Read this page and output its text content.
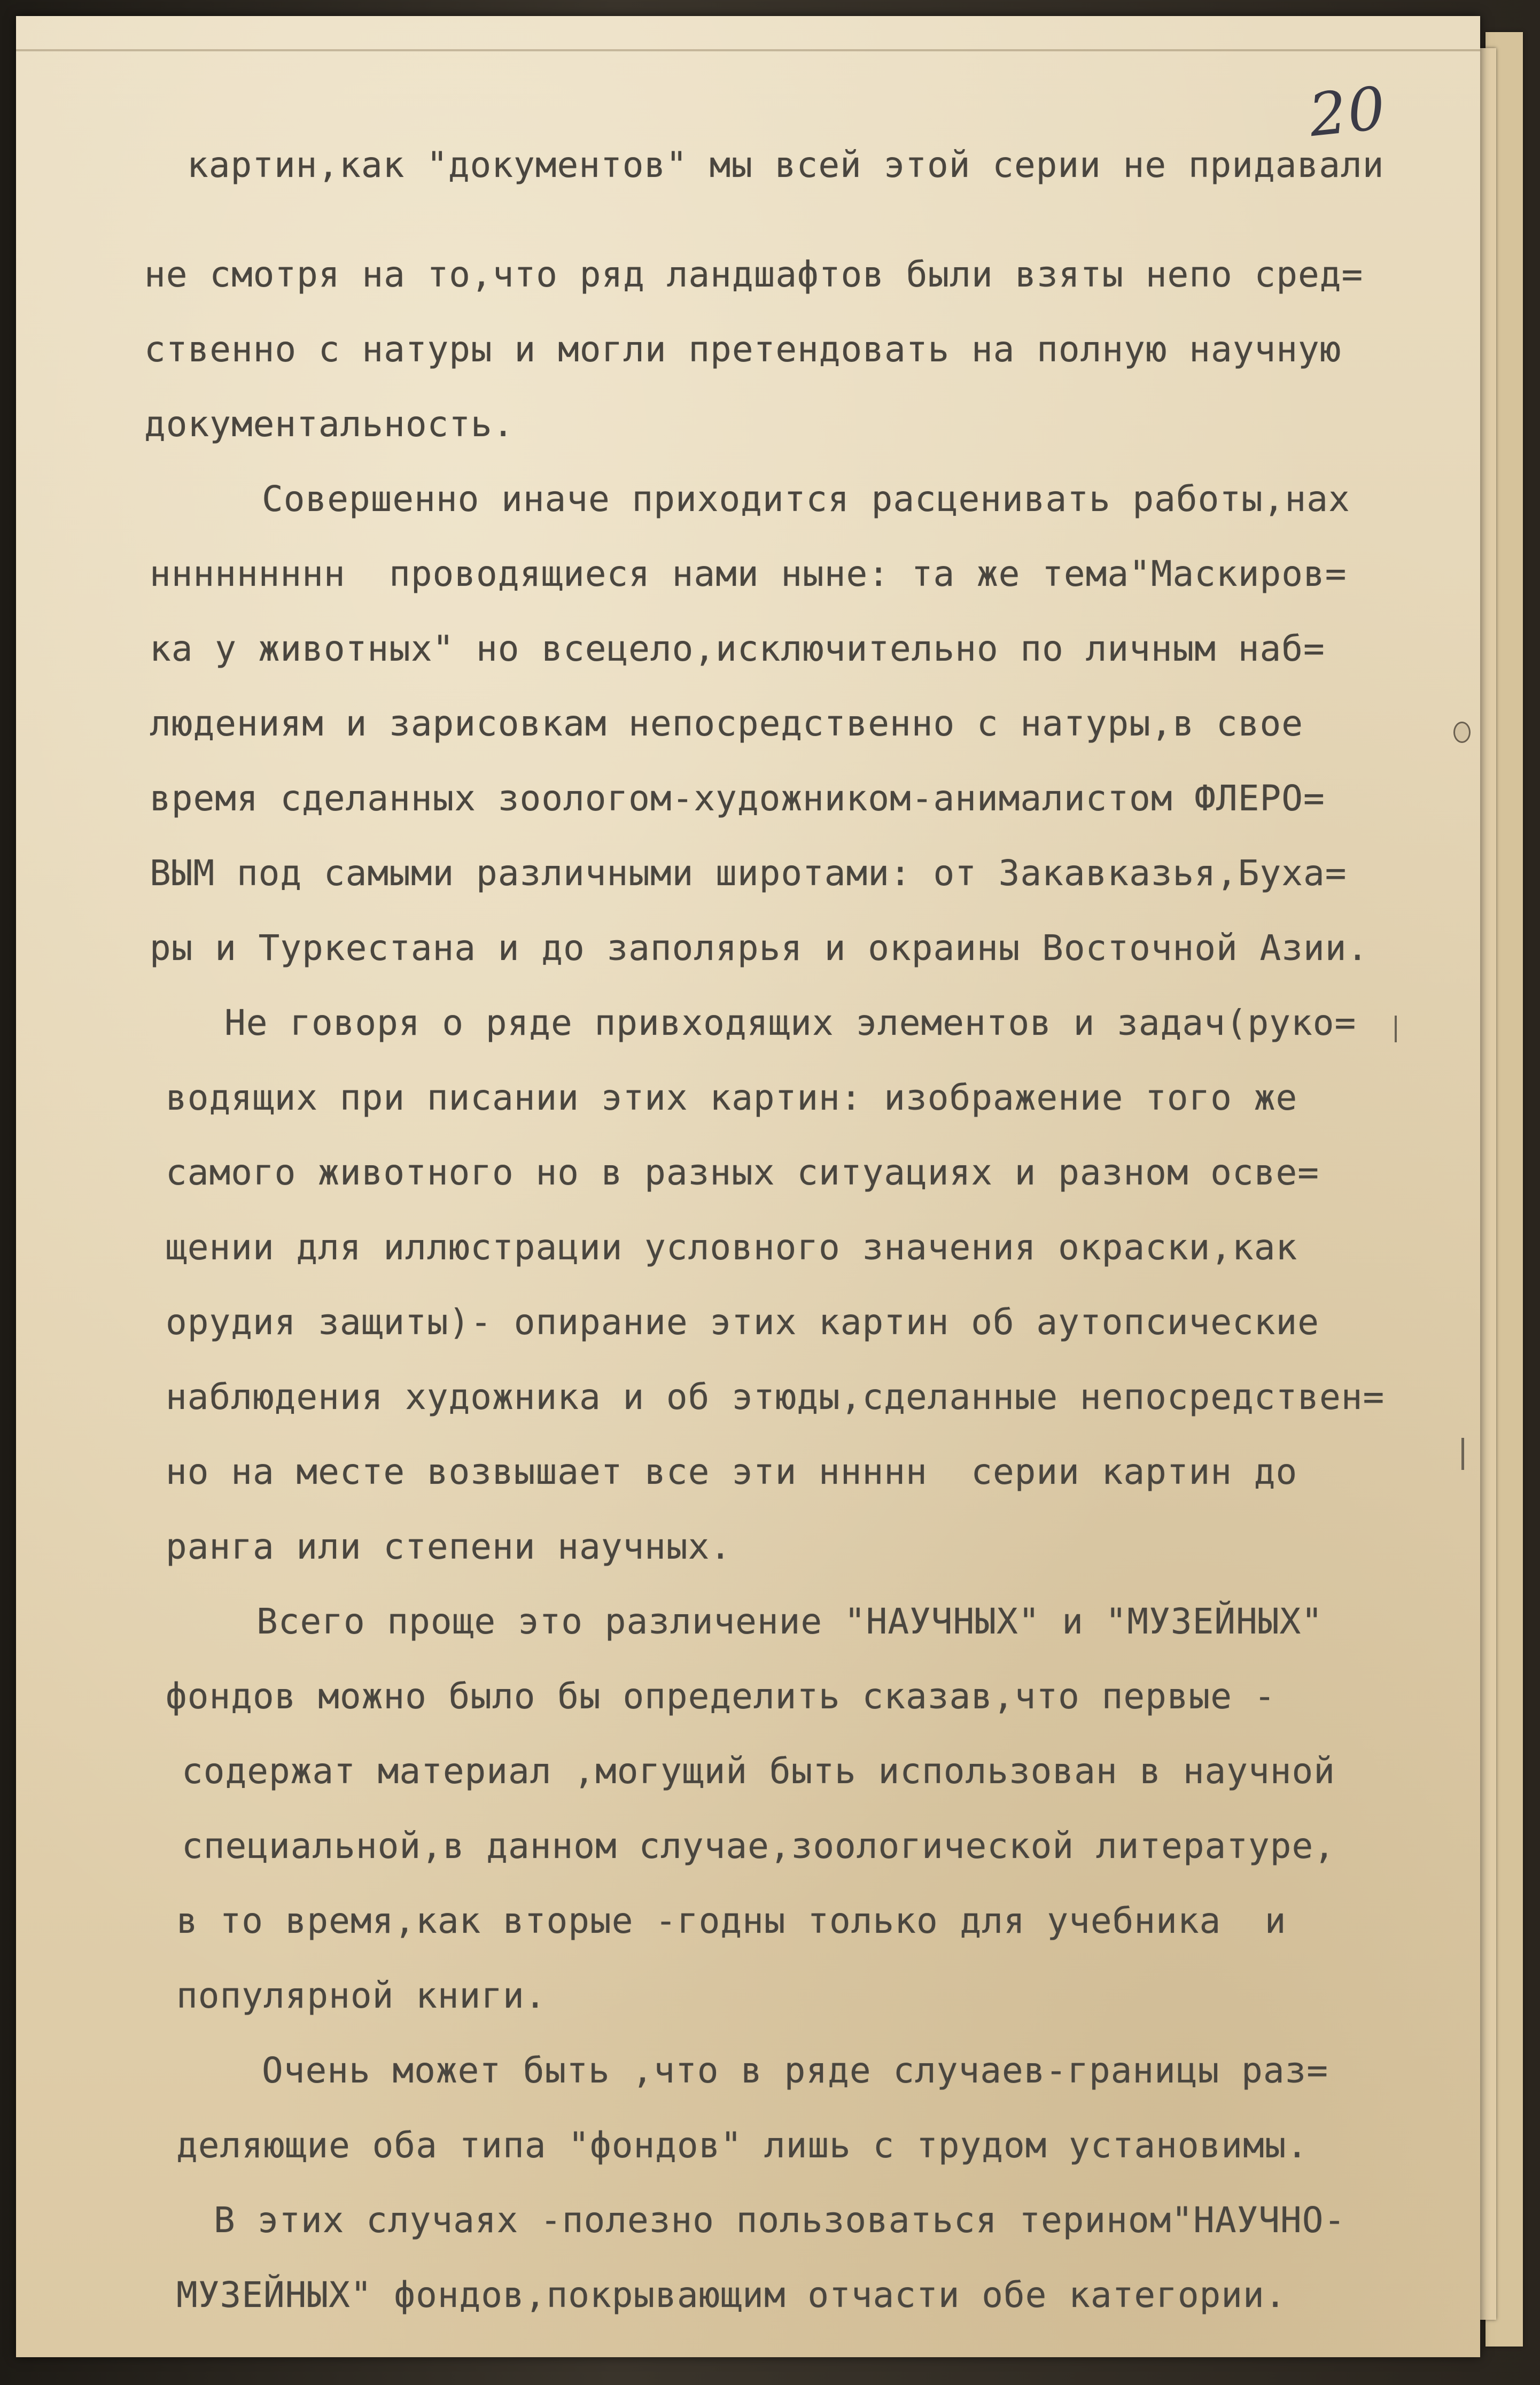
20
картин,как "документов" мы всей этой серии не придавали
не смотря на то,что ряд ландшафтов были взяты непо сред=
ственно с натуры и могли претендовать на полную научную
документальность.
Совершенно иначе приходится расценивать работы,нах
ннннннннн  проводящиеся нами ныне: та же тема"Маскиров=
ка у животных" но всецело,исключительно по личным наб=
людениям и зарисовкам непосредственно с натуры,в свое
время сделанных зоологом-художником-анималистом ФЛЕРО=
ВЫМ под самыми различными широтами: от Закавказья,Буха=
ры и Туркестана и до заполярья и окраины Восточной Азии.
Не говоря о ряде привходящих элементов и задач(руко=
водящих при писании этих картин: изображение того же
самого животного но в разных ситуациях и разном осве=
щении для иллюстрации условного значения окраски,как
орудия защиты)- опирание этих картин об аутопсические
наблюдения художника и об этюды,сделанные непосредствен=
но на месте возвышает все эти ннннн  серии картин до
ранга или степени научных.
Всего проще это различение "НАУЧНЫХ" и "МУЗЕЙНЫХ"
фондов можно было бы определить сказав,что первые -
содержат материал ,могущий быть использован в научной
специальной,в данном случае,зоологической литературе,
в то время,как вторые -годны только для учебника  и
популярной книги.
Очень может быть ,что в ряде случаев-границы раз=
деляющие оба типа "фондов" лишь с трудом установимы.
В этих случаях -полезно пользоваться терином"НАУЧНО-
МУЗЕЙНЫХ" фондов,покрывающим отчасти обе категории.
